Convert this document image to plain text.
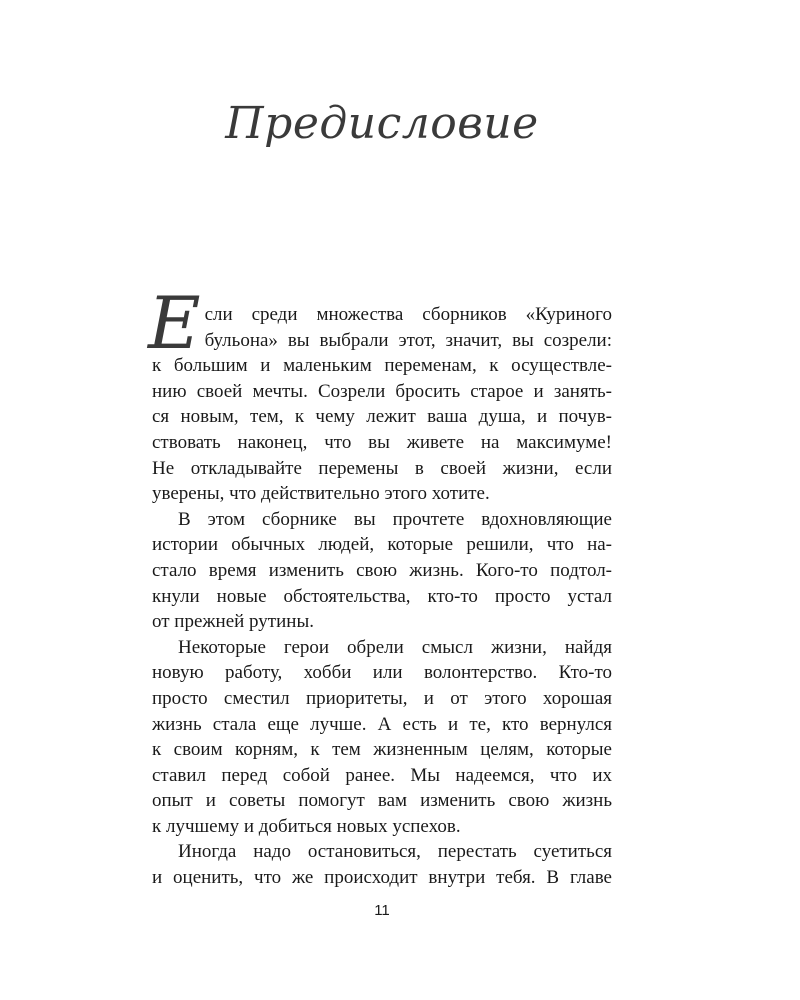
Предисловие
Е сли среди множества сборников «Куриного
бульона» вы выбрали этот, значит, вы созрели:
к большим и маленьким переменам, к осуществле-
нию своей мечты. Созрели бросить старое и занять-
ся новым, тем, к чему лежит ваша душа, и почув-
ствовать наконец, что вы живете на максимуме!
Не откладывайте перемены в своей жизни, если
уверены, что действительно этого хотите.
В этом сборнике вы прочтете вдохновляющие
истории обычных людей, которые решили, что на-
стало время изменить свою жизнь. Кого-то подтол-
кнули новые обстоятельства, кто-то просто устал
от прежней рутины.
Некоторые герои обрели смысл жизни, найдя
новую работу, хобби или волонтерство. Кто-то
просто сместил приоритеты, и от этого хорошая
жизнь стала еще лучше. А есть и те, кто вернулся
к своим корням, к тем жизненным целям, которые
ставил перед собой ранее. Мы надеемся, что их
опыт и советы помогут вам изменить свою жизнь
к лучшему и добиться новых успехов.
Иногда надо остановиться, перестать суетиться
и оценить, что же происходит внутри тебя. В главе
11
